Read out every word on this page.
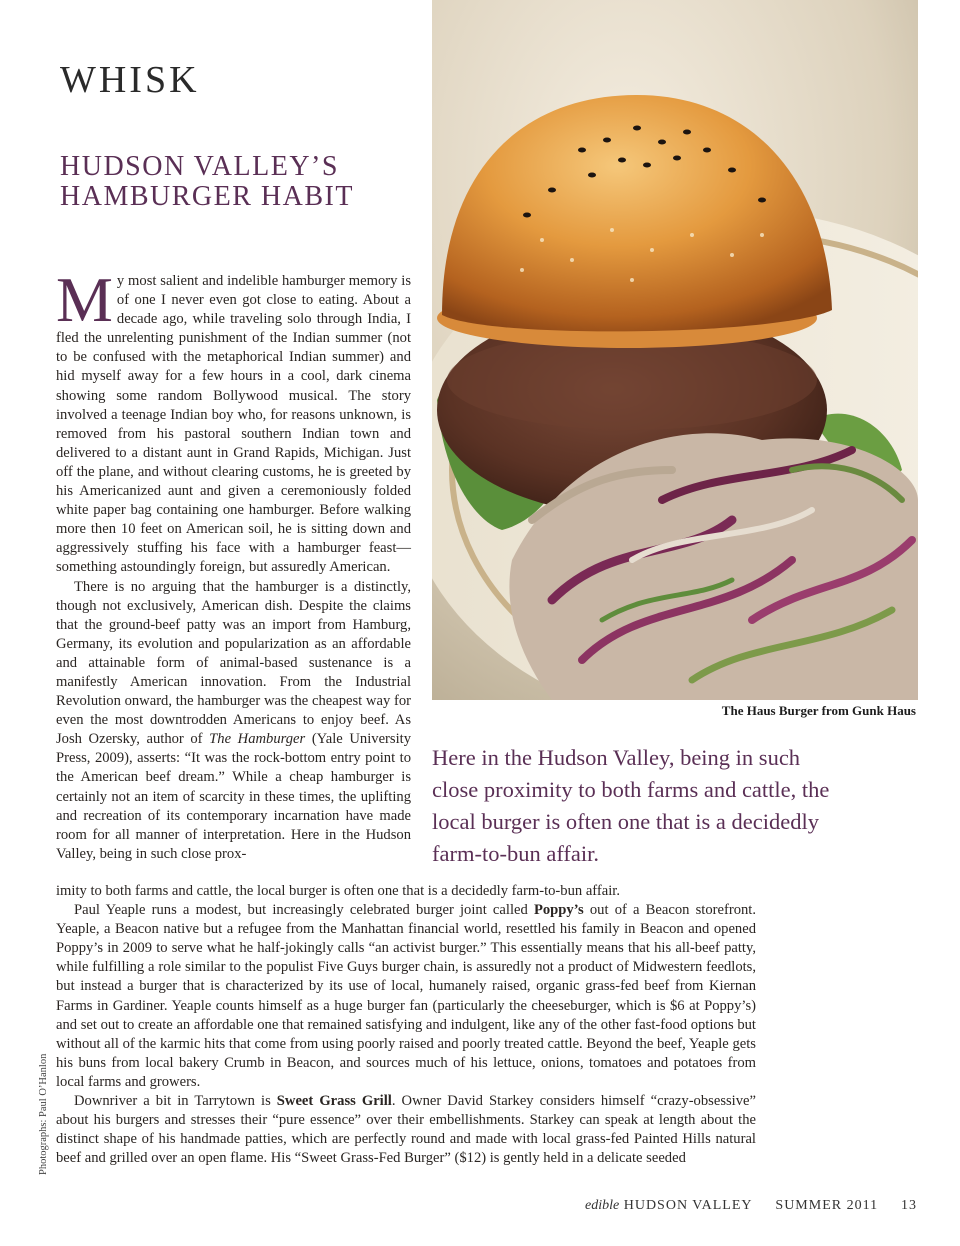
WHISK
HUDSON VALLEY’S HAMBURGER HABIT
The Haus Burger from Gunk Haus

My most salient and indelible hamburger memory is of one I never even got close to eating. About a decade ago, while traveling solo through India, I fled the unrelenting punishment of the Indian summer (not to be confused with the metaphorical Indian summer) and hid myself away for a few hours in a cool, dark cinema showing some random Bollywood musical. The story involved a teenage Indian boy who, for reasons unknown, is removed from his pastoral southern Indian town and delivered to a distant aunt in Grand Rapids, Michigan. Just off the plane, and without clearing customs, he is greeted by his Americanized aunt and given a ceremoniously folded white paper bag containing one hamburger. Before walking more then 10 feet on American soil, he is sitting down and aggressively stuffing his face with a hamburger feast—something astoundingly foreign, but assuredly American.

There is no arguing that the hamburger is a distinctly, though not exclusively, American dish. Despite the claims that the ground-beef patty was an import from Hamburg, Germany, its evolution and popularization as an affordable and attainable form of animal-based sustenance is a manifestly American innovation. From the Industrial Revolution onward, the hamburger was the cheapest way for even the most downtrodden Americans to enjoy beef. As Josh Ozersky, author of The Hamburger (Yale University Press, 2009), asserts: “It was the rock-bottom entry point to the American beef dream.” While a cheap hamburger is certainly not an item of scarcity in these times, the uplifting and recreation of its contemporary incarnation have made room for all manner of interpretation. Here in the Hudson Valley, being in such close prox-

Here in the Hudson Valley, being in such close proximity to both farms and cattle, the local burger is often one that is a decidedly farm-to-bun affair.

imity to both farms and cattle, the local burger is often one that is a decidedly farm-to-bun affair.

Paul Yeaple runs a modest, but increasingly celebrated burger joint called Poppy’s out of a Beacon storefront. Yeaple, a Beacon native but a refugee from the Manhattan financial world, resettled his family in Beacon and opened Poppy’s in 2009 to serve what he half-jokingly calls “an activist burger.” This essentially means that his all-beef patty, while fulfilling a role similar to the populist Five Guys burger chain, is assuredly not a product of Midwestern feedlots, but instead a burger that is characterized by its use of local, humanely raised, organic grass-fed beef from Kiernan Farms in Gardiner. Yeaple counts himself as a huge burger fan (particularly the cheeseburger, which is $6 at Poppy’s) and set out to create an affordable one that remained satisfying and indulgent, like any of the other fast-food options but without all of the karmic hits that come from using poorly raised and poorly treated cattle. Beyond the beef, Yeaple gets his buns from local bakery Crumb in Beacon, and sources much of his lettuce, onions, tomatoes and potatoes from local farms and growers.

Downriver a bit in Tarrytown is Sweet Grass Grill. Owner David Starkey considers himself “crazy-obsessive” about his burgers and stresses their “pure essence” over their embellishments. Starkey can speak at length about the distinct shape of his handmade patties, which are perfectly round and made with local grass-fed Painted Hills natural beef and grilled over an open flame. His “Sweet Grass-Fed Burger” ($12) is gently held in a delicate seeded

Photographs: Paul O’Hanlon
edible HUDSON VALLEY SUMMER 2011 13
